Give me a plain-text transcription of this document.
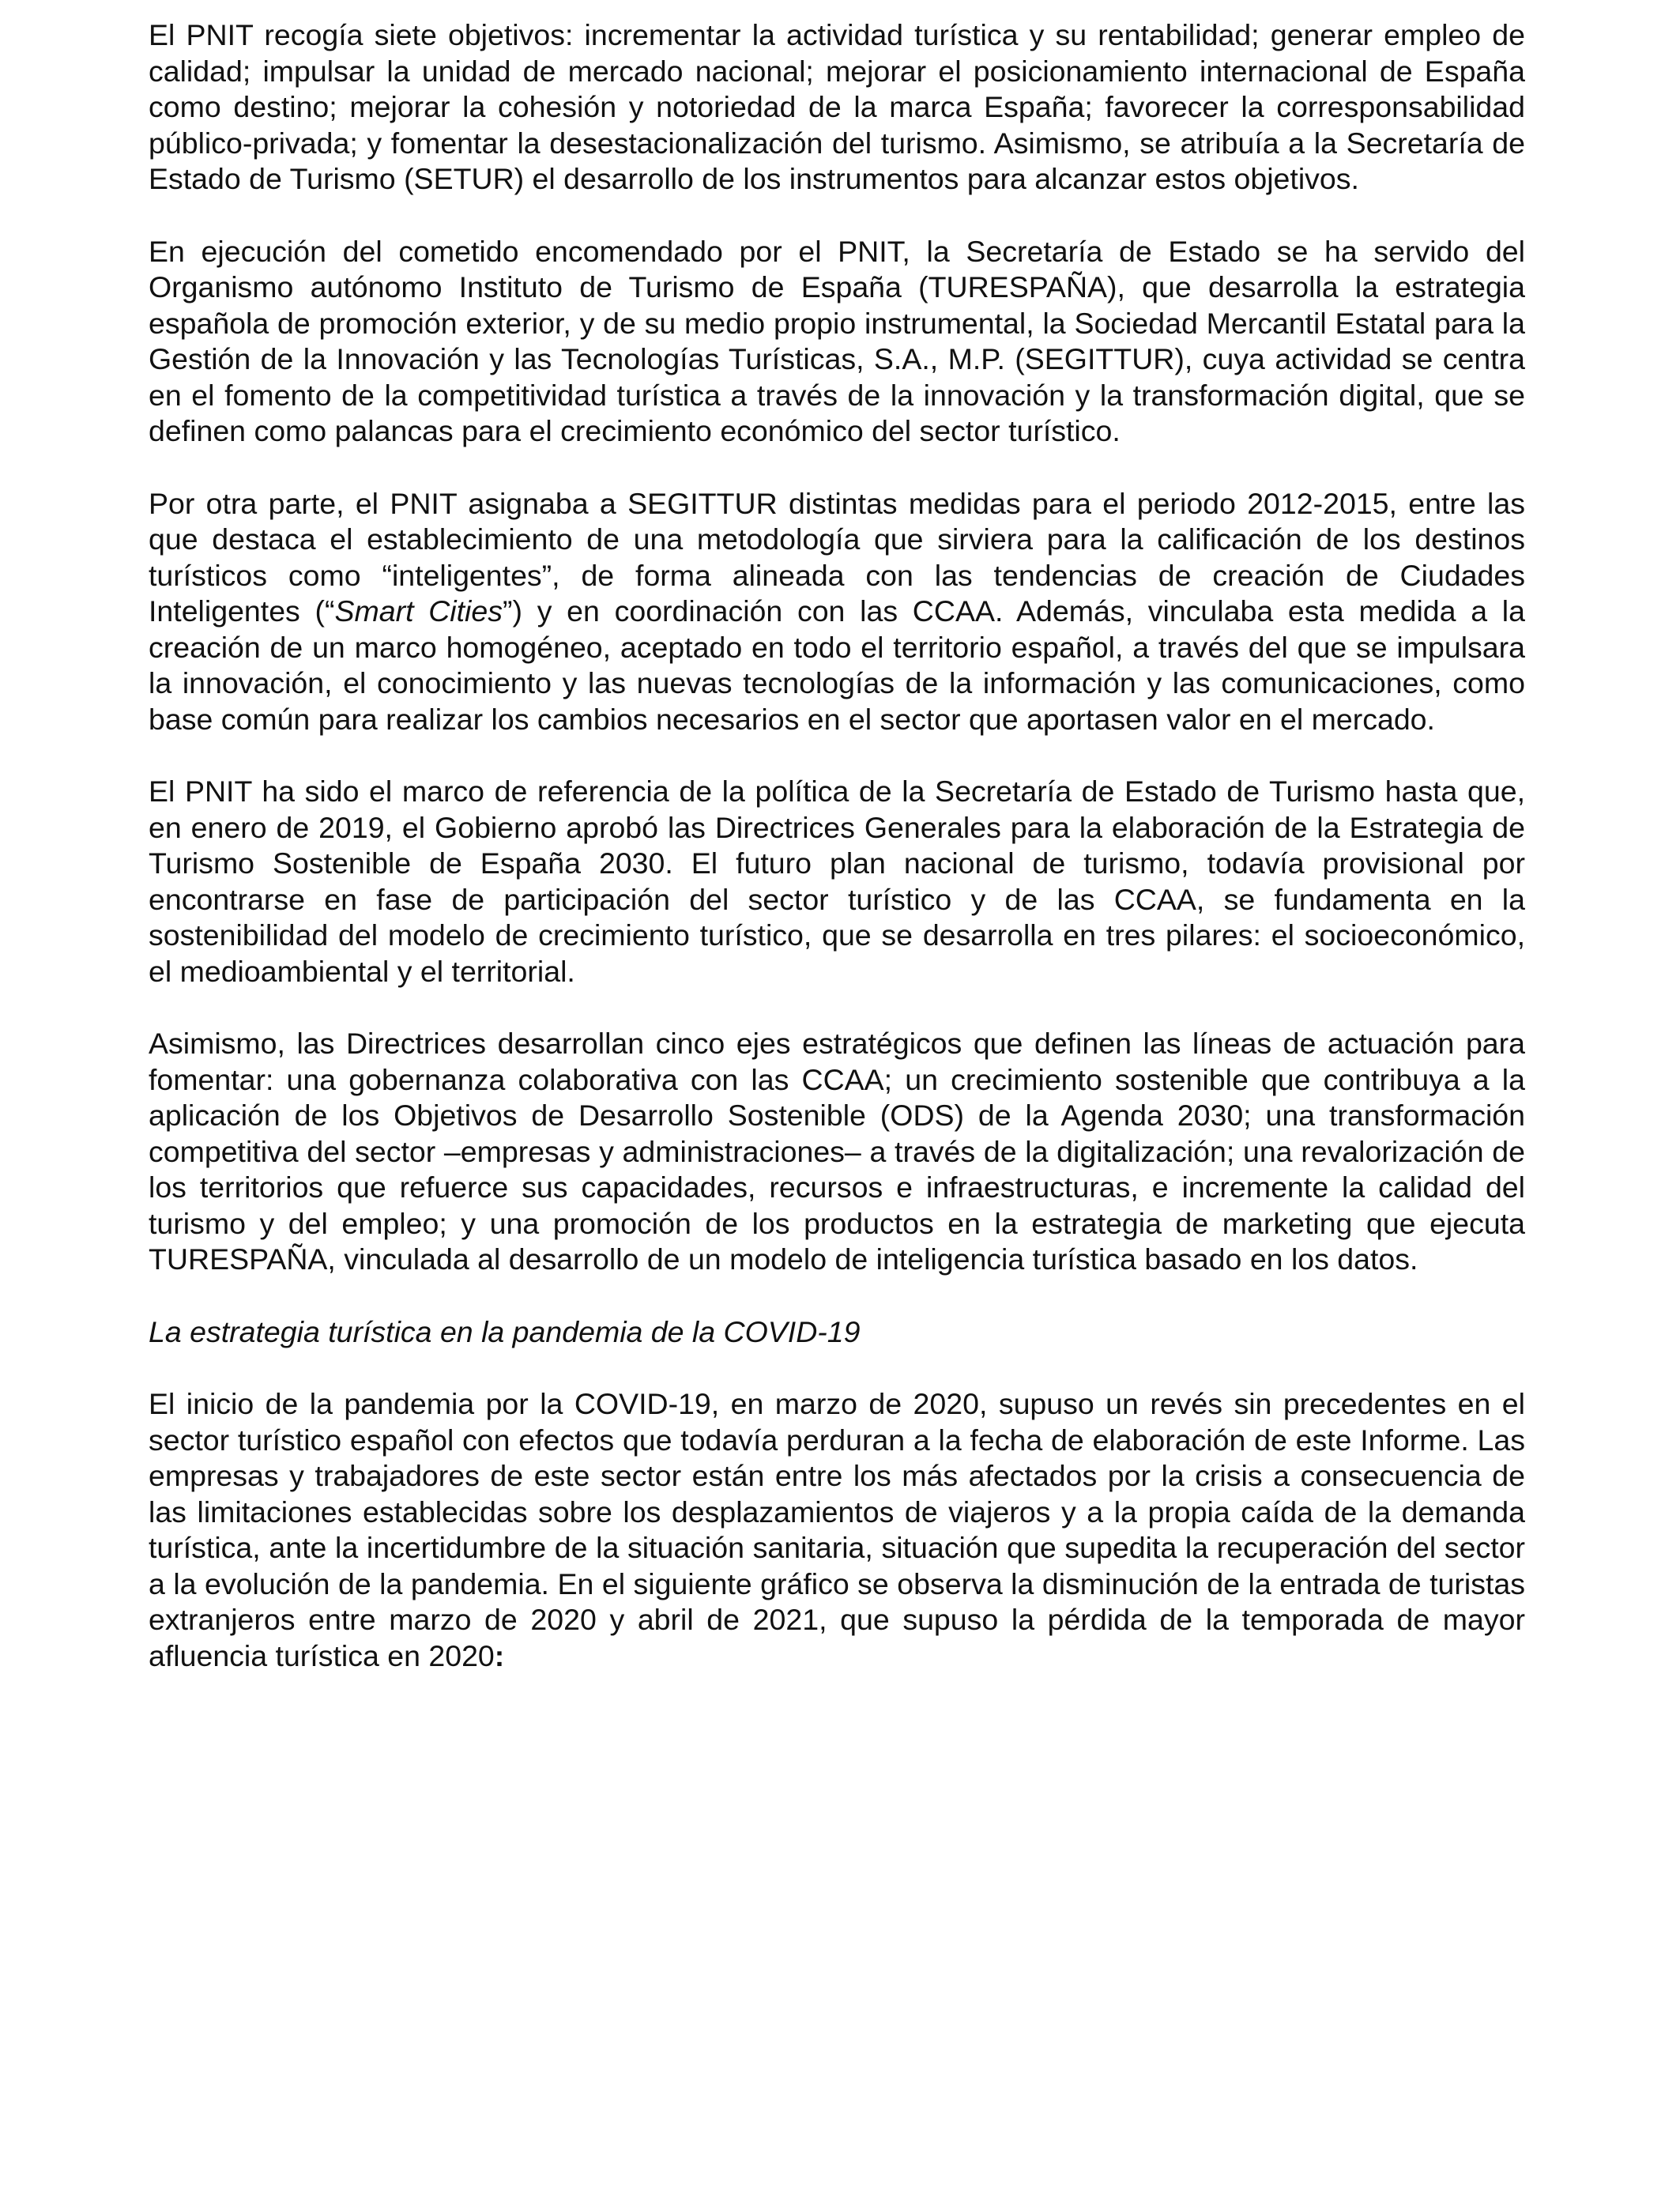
El PNIT recogía siete objetivos: incrementar la actividad turística y su rentabilidad; generar empleo de calidad; impulsar la unidad de mercado nacional; mejorar el posicionamiento internacional de España como destino; mejorar la cohesión y notoriedad de la marca España; favorecer la corresponsabilidad público-privada; y fomentar la desestacionalización del turismo. Asimismo, se atribuía a la Secretaría de Estado de Turismo (SETUR) el desarrollo de los instrumentos para alcanzar estos objetivos.

En ejecución del cometido encomendado por el PNIT, la Secretaría de Estado se ha servido del Organismo autónomo Instituto de Turismo de España (TURESPAÑA), que desarrolla la estrategia española de promoción exterior, y de su medio propio instrumental, la Sociedad Mercantil Estatal para la Gestión de la Innovación y las Tecnologías Turísticas, S.A., M.P. (SEGITTUR), cuya actividad se centra en el fomento de la competitividad turística a través de la innovación y la transformación digital, que se definen como palancas para el crecimiento económico del sector turístico.

Por otra parte, el PNIT asignaba a SEGITTUR distintas medidas para el periodo 2012-2015, entre las que destaca el establecimiento de una metodología que sirviera para la calificación de los destinos turísticos como “inteligentes”, de forma alineada con las tendencias de creación de Ciudades Inteligentes (“Smart Cities”) y en coordinación con las CCAA. Además, vinculaba esta medida a la creación de un marco homogéneo, aceptado en todo el territorio español, a través del que se impulsara la innovación, el conocimiento y las nuevas tecnologías de la información y las comunicaciones, como base común para realizar los cambios necesarios en el sector que aportasen valor en el mercado.

El PNIT ha sido el marco de referencia de la política de la Secretaría de Estado de Turismo hasta que, en enero de 2019, el Gobierno aprobó las Directrices Generales para la elaboración de la Estrategia de Turismo Sostenible de España 2030. El futuro plan nacional de turismo, todavía provisional por encontrarse en fase de participación del sector turístico y de las CCAA, se fundamenta en la sostenibilidad del modelo de crecimiento turístico, que se desarrolla en tres pilares: el socioeconómico, el medioambiental y el territorial.

Asimismo, las Directrices desarrollan cinco ejes estratégicos que definen las líneas de actuación para fomentar: una gobernanza colaborativa con las CCAA; un crecimiento sostenible que contribuya a la aplicación de los Objetivos de Desarrollo Sostenible (ODS) de la Agenda 2030; una transformación competitiva del sector –empresas y administraciones– a través de la digitalización; una revalorización de los territorios que refuerce sus capacidades, recursos e infraestructuras, e incremente la calidad del turismo y del empleo; y una promoción de los productos en la estrategia de marketing que ejecuta TURESPAÑA, vinculada al desarrollo de un modelo de inteligencia turística basado en los datos.

La estrategia turística en la pandemia de la COVID-19

El inicio de la pandemia por la COVID-19, en marzo de 2020, supuso un revés sin precedentes en el sector turístico español con efectos que todavía perduran a la fecha de elaboración de este Informe. Las empresas y trabajadores de este sector están entre los más afectados por la crisis a consecuencia de las limitaciones establecidas sobre los desplazamientos de viajeros y a la propia caída de la demanda turística, ante la incertidumbre de la situación sanitaria, situación que supedita la recuperación del sector a la evolución de la pandemia. En el siguiente gráfico se observa la disminución de la entrada de turistas extranjeros entre marzo de 2020 y abril de 2021, que supuso la pérdida de la temporada de mayor afluencia turística en 2020:
